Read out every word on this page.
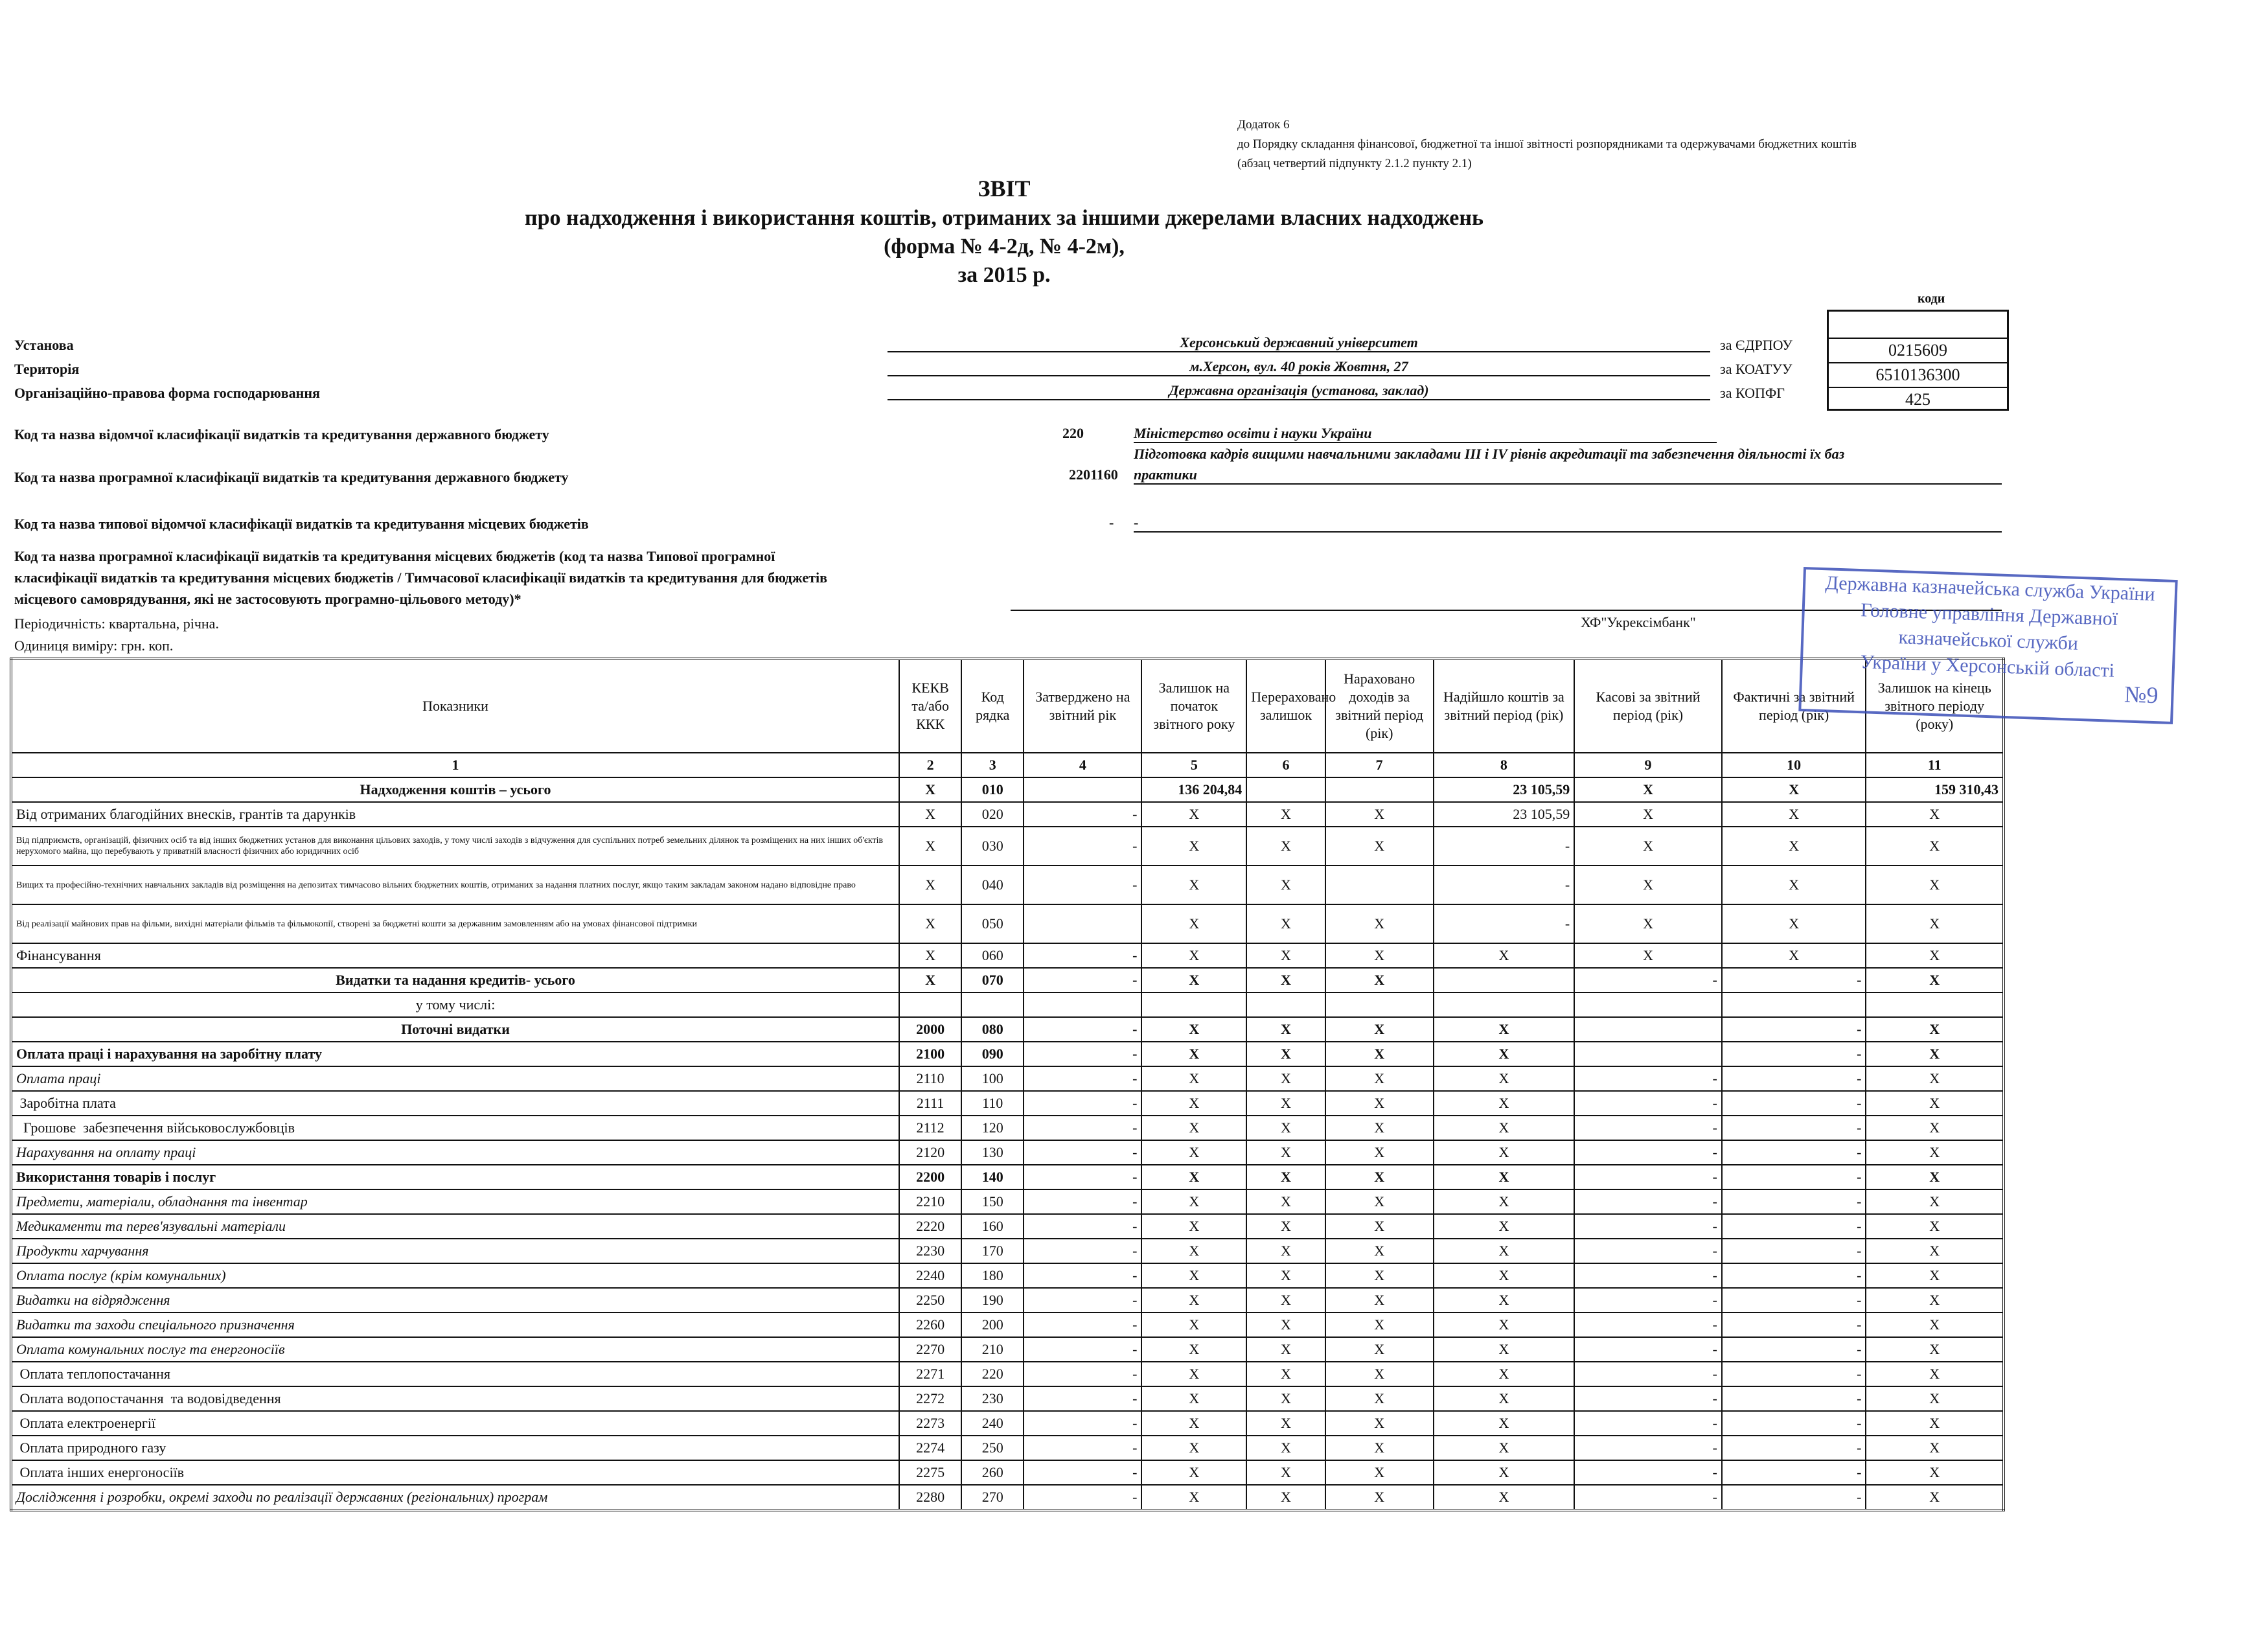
Додаток 6
до Порядку складання фінансової, бюджетної та іншої звітності розпорядниками та одержувачами бюджетних коштів
(абзац четвертий підпункту 2.1.2 пункту 2.1)
ЗВІТ
про надходження і використання коштів, отриманих за іншими джерелами власних надходжень
(форма № 4-2д, № 4-2м),
за 2015 р.
коди
0215609
6510136300
425
Установа	Херсонський державний університет	за ЄДРПОУ
Територія	м.Херсон, вул. 40 років Жовтня, 27	за КОАТУУ
Організаційно-правова форма господарювання	Державна організація (установа, заклад)	за КОПФГ
Код та назва відомчої класифікації видатків та кредитування державного бюджету	220	Міністерство освіти і науки України
Підготовка кадрів вищими навчальними закладами III і IV рівнів акредитації та забезпечення діяльності їх баз
Код та назва програмної класифікації видатків та кредитування державного бюджету	2201160 практики
Код та назва типової відомчої класифікації видатків та кредитування місцевих бюджетів	- -
Код та назва програмної класифікації видатків та кредитування місцевих бюджетів (код та назва Типової програмної
класифікації видатків та кредитування місцевих бюджетів / Тимчасової класифікації видатків та кредитування для бюджетів
місцевого самоврядування, які не застосовують програмно-цільового методу)*
Періодичність: квартальна, річна.	ХФ"Укрексімбанк"
Одиниця виміру: грн. коп.
Показники	КЕКВ та/або ККК	Код рядка	Затверджено на звітний рік	Залишок на початок звітного року	Перераховано залишок	Нараховано доходів за звітний період (рік)	Надійшло коштів за звітний період (рік)	Касові за звітний період (рік)	Фактичні за звітний період (рік)	Залишок на кінець звітного періоду (року)
1	2	3	4	5	6	7	8	9	10	11
Надходження коштів – усього	Х	010		136 204,84			23 105,59	Х	Х	159 310,43
Від отриманих благодійних внесків, грантів та дарунків	Х	020	-	Х	Х	Х	23 105,59	Х	Х	Х
Від підприємств, організацій, фізичних осіб та від інших бюджетних установ для виконання цільових заходів, у тому числі заходів з відчуження для суспільних потреб земельних ділянок та розміщених на них інших об'єктів нерухомого майна, що перебувають у приватній власності фізичних або юридичних осіб	Х	030	-	Х	Х	Х	-	Х	Х	Х
Вищих та професійно-технічних навчальних закладів від розміщення на депозитах тимчасово вільних бюджетних коштів, отриманих за надання платних послуг, якщо таким закладам законом надано відповідне право	Х	040	-	Х	Х		-	Х	Х	Х
Від реалізації майнових прав на фільми, вихідні матеріали фільмів та фільмокопії, створені за бюджетні кошти за державним замовленням або на умовах фінансової підтримки	Х	050		Х	Х	Х	-	Х	Х	Х
Фінансування	Х	060	-	Х	Х	Х	Х	Х	Х	Х
Видатки та надання кредитів- усього	Х	070	-	Х	Х	Х		-	-	Х
у тому числі:										
Поточні видатки	2000	080	-	Х	Х	Х	Х		-	Х
Оплата праці і нарахування на заробітну плату	2100	090	-	Х	Х	Х	Х		-	Х
Оплата праці	2110	100	-	Х	Х	Х	Х	-	-	Х
Заробітна плата	2111	110	-	Х	Х	Х	Х	-	-	Х
Грошове  забезпечення військовослужбовців	2112	120	-	Х	Х	Х	Х	-	-	Х
Нарахування на оплату праці	2120	130	-	Х	Х	Х	Х	-	-	Х
Використання товарів і послуг	2200	140	-	Х	Х	Х	Х	-	-	Х
Предмети, матеріали, обладнання та інвентар	2210	150	-	Х	Х	Х	Х	-	-	Х
Медикаменти та перев'язувальні матеріали	2220	160	-	Х	Х	Х	Х	-	-	Х
Продукти харчування	2230	170	-	Х	Х	Х	Х	-	-	Х
Оплата послуг (крім комунальних)	2240	180	-	Х	Х	Х	Х	-	-	Х
Видатки на відрядження	2250	190	-	Х	Х	Х	Х	-	-	Х
Видатки та заходи спеціального призначення	2260	200	-	Х	Х	Х	Х	-	-	Х
Оплата комунальних послуг та енергоносіїв	2270	210	-	Х	Х	Х	Х	-	-	Х
Оплата теплопостачання	2271	220	-	Х	Х	Х	Х	-	-	Х
Оплата водопостачання  та водовідведення	2272	230	-	Х	Х	Х	Х	-	-	Х
Оплата електроенергії	2273	240	-	Х	Х	Х	Х	-	-	Х
Оплата природного газу	2274	250	-	Х	Х	Х	Х	-	-	Х
Оплата інших енергоносіїв	2275	260	-	Х	Х	Х	Х	-	-	Х
Дослідження і розробки, окремі заходи по реалізації державних (регіональних) програм	2280	270	-	Х	Х	Х	Х	-	-	Х
Державна казначейська служба України
Головне управління Державної казначейської служби
України у Херсонській області
№9
